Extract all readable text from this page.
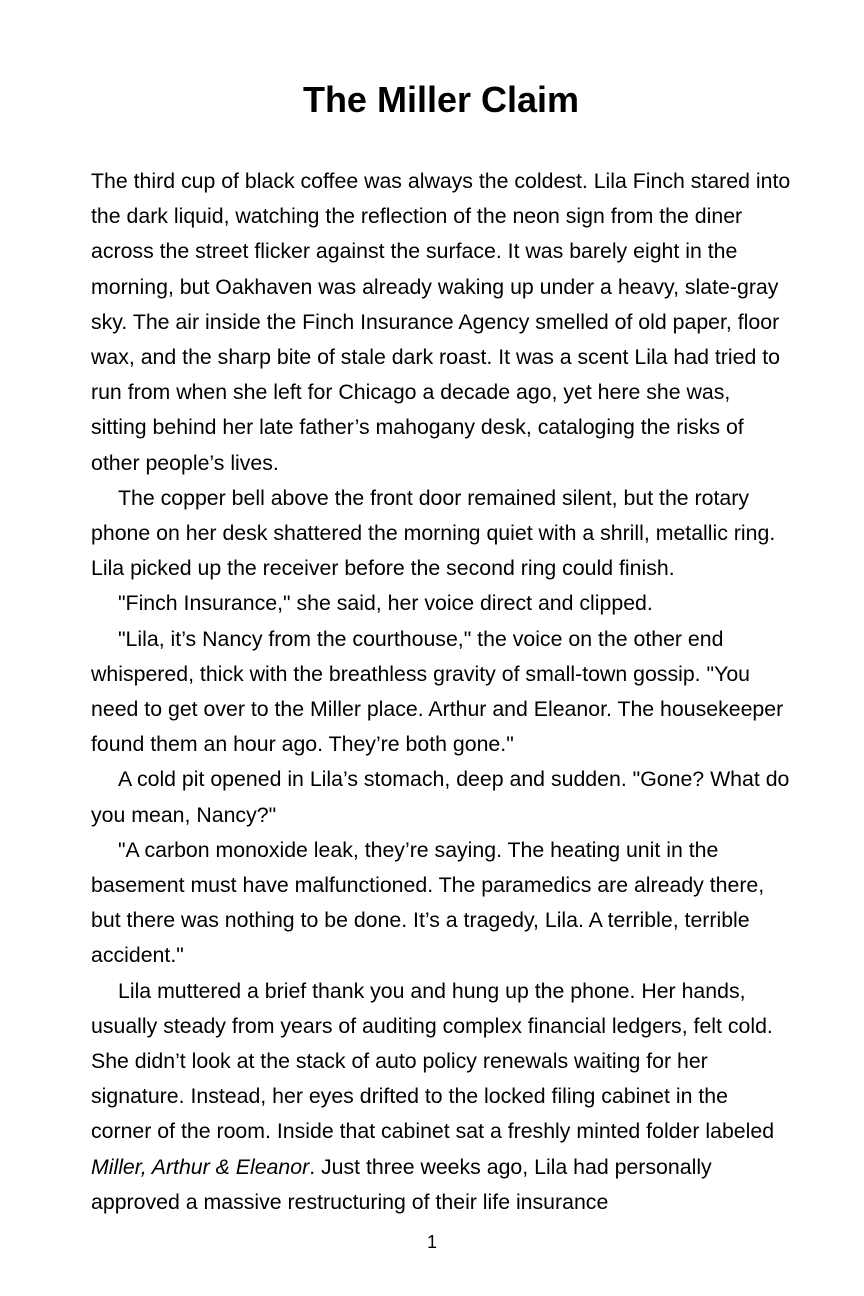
The Miller Claim

The third cup of black coffee was always the coldest. Lila Finch stared into the dark liquid, watching the reflection of the neon sign from the diner across the street flicker against the surface. It was barely eight in the morning, but Oakhaven was already waking up under a heavy, slate-gray sky. The air inside the Finch Insurance Agency smelled of old paper, floor wax, and the sharp bite of stale dark roast. It was a scent Lila had tried to run from when she left for Chicago a decade ago, yet here she was, sitting behind her late father’s mahogany desk, cataloging the risks of other people’s lives.

The copper bell above the front door remained silent, but the rotary phone on her desk shattered the morning quiet with a shrill, metallic ring. Lila picked up the receiver before the second ring could finish.

"Finch Insurance," she said, her voice direct and clipped.

"Lila, it’s Nancy from the courthouse," the voice on the other end whispered, thick with the breathless gravity of small-town gossip. "You need to get over to the Miller place. Arthur and Eleanor. The housekeeper found them an hour ago. They’re both gone."

A cold pit opened in Lila’s stomach, deep and sudden. "Gone? What do you mean, Nancy?"

"A carbon monoxide leak, they’re saying. The heating unit in the basement must have malfunctioned. The paramedics are already there, but there was nothing to be done. It’s a tragedy, Lila. A terrible, terrible accident."

Lila muttered a brief thank you and hung up the phone. Her hands, usually steady from years of auditing complex financial ledgers, felt cold. She didn’t look at the stack of auto policy renewals waiting for her signature. Instead, her eyes drifted to the locked filing cabinet in the corner of the room. Inside that cabinet sat a freshly minted folder labeled Miller, Arthur & Eleanor. Just three weeks ago, Lila had personally approved a massive restructuring of their life insurance

1
